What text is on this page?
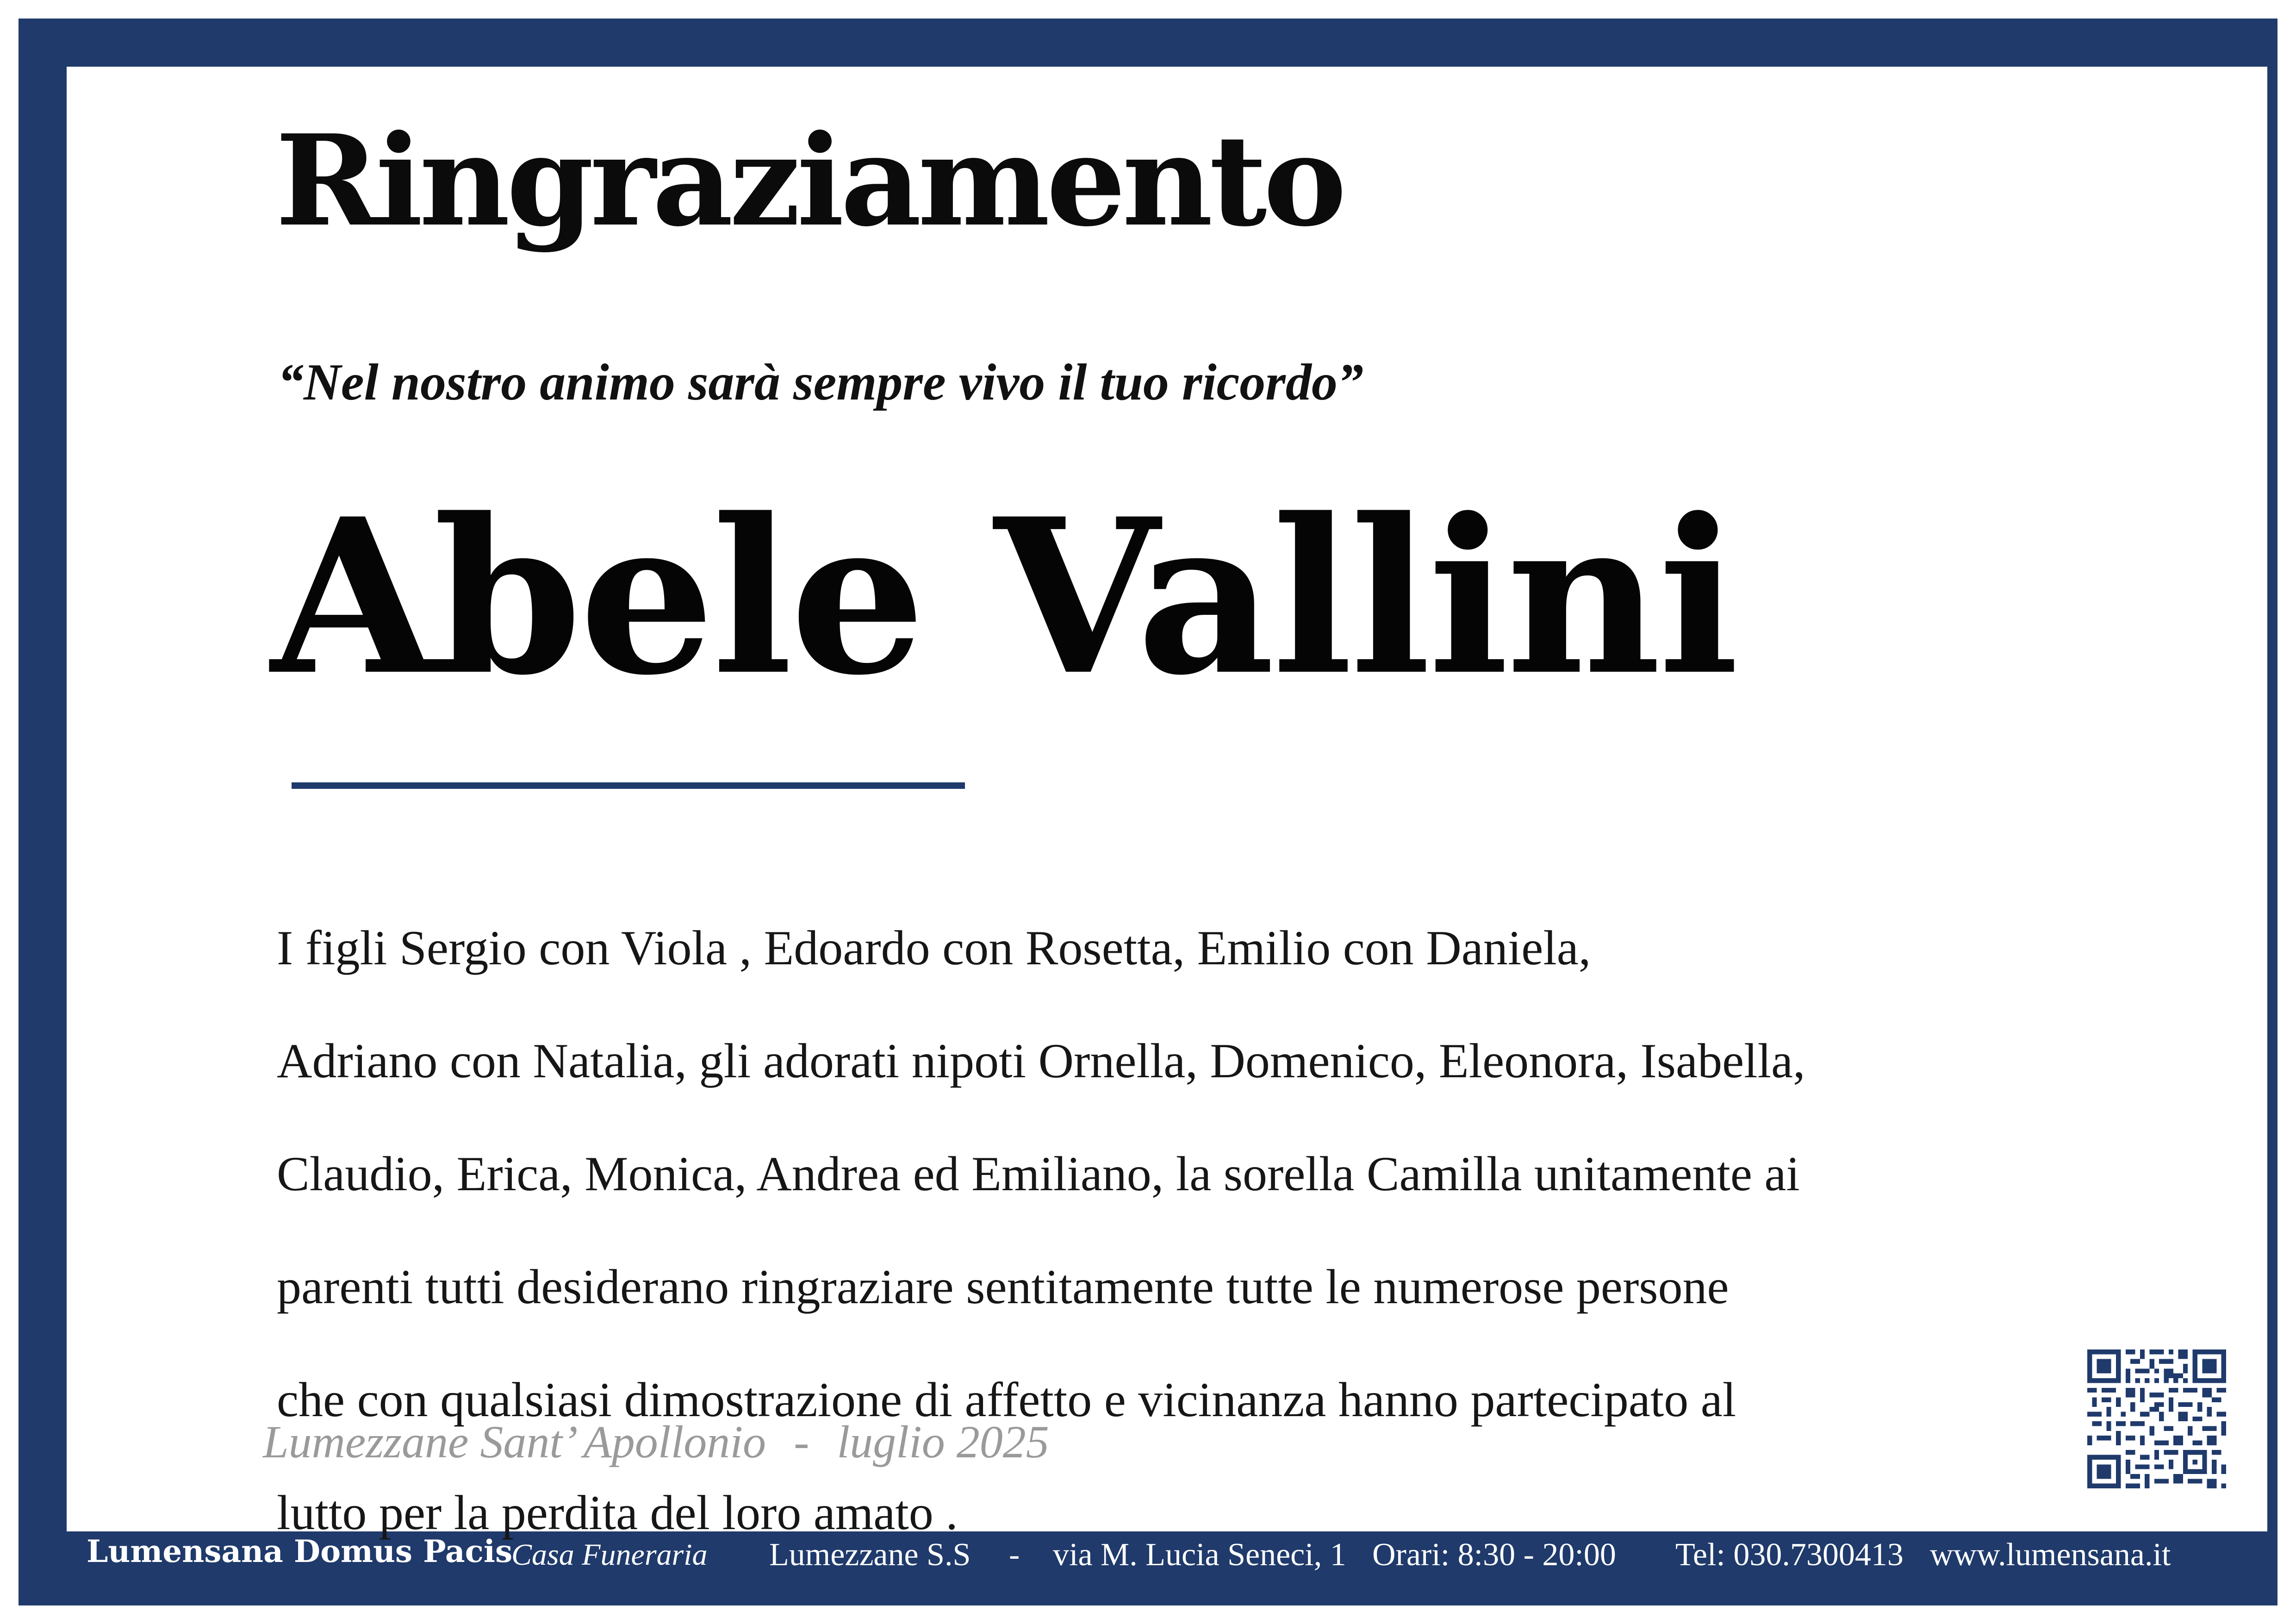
Ringraziamento
“Nel nostro animo sarà sempre vivo il tuo ricordo”
Abele Vallini

I figli Sergio con Viola , Edoardo con Rosetta, Emilio con Daniela,

Adriano con Natalia, gli adorati nipoti Ornella, Domenico, Eleonora, Isabella,

Claudio, Erica, Monica, Andrea ed Emiliano, la sorella Camilla unitamente ai

parenti tutti desiderano ringraziare sentitamente tutte le numerose persone

che con qualsiasi dimostrazione di affetto e vicinanza hanno partecipato al

lutto per la perdita del loro amato .

Lumezzane Sant’ Apollonio - luglio 2025
Lumensana Domus Pacis
Casa Funeraria Lumezzane S.S - via M. Lucia Seneci, 1 Orari: 8:30 - 20:00 Tel: 030.7300413 www.lumensana.it
